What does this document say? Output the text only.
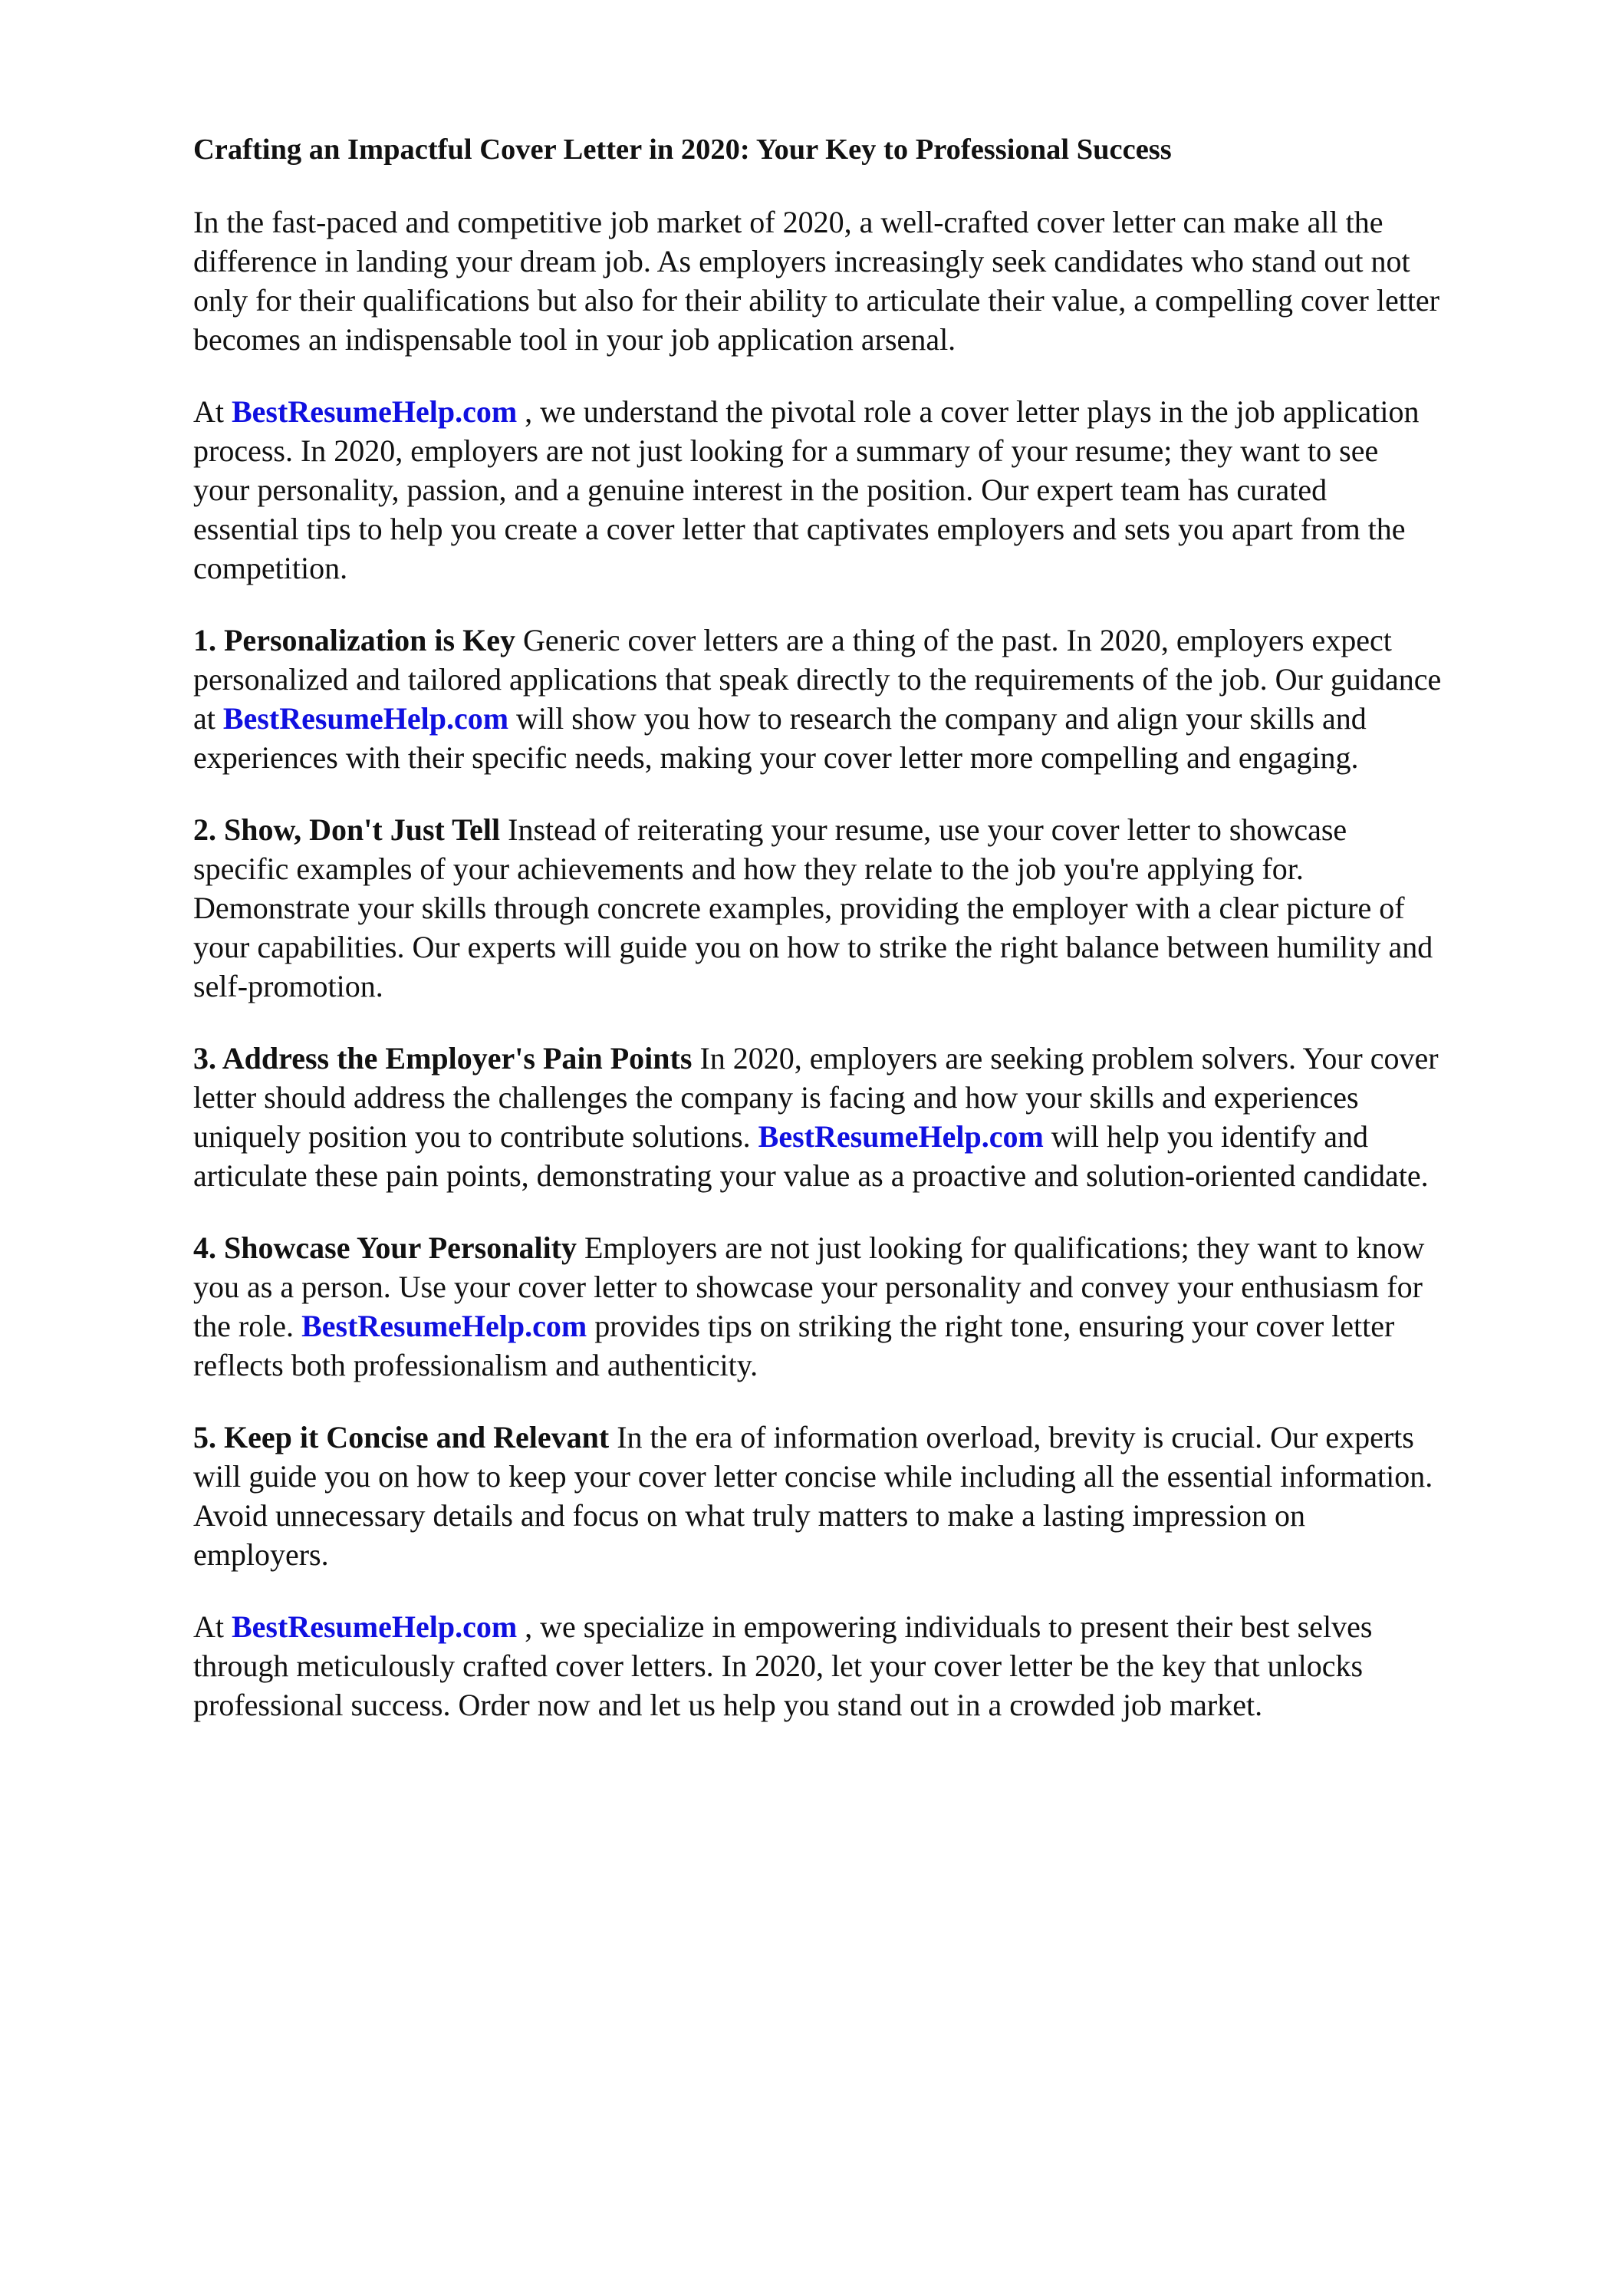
Crafting an Impactful Cover Letter in 2020: Your Key to Professional Success
In the fast-paced and competitive job market of 2020, a well-crafted cover letter can make all the
difference in landing your dream job. As employers increasingly seek candidates who stand out not
only for their qualifications but also for their ability to articulate their value, a compelling cover letter
becomes an indispensable tool in your job application arsenal.
At BestResumeHelp.com , we understand the pivotal role a cover letter plays in the job application
process. In 2020, employers are not just looking for a summary of your resume; they want to see
your personality, passion, and a genuine interest in the position. Our expert team has curated
essential tips to help you create a cover letter that captivates employers and sets you apart from the
competition.
1. Personalization is Key Generic cover letters are a thing of the past. In 2020, employers expect
personalized and tailored applications that speak directly to the requirements of the job. Our guidance
at BestResumeHelp.com will show you how to research the company and align your skills and
experiences with their specific needs, making your cover letter more compelling and engaging.
2. Show, Don't Just Tell Instead of reiterating your resume, use your cover letter to showcase
specific examples of your achievements and how they relate to the job you're applying for.
Demonstrate your skills through concrete examples, providing the employer with a clear picture of
your capabilities. Our experts will guide you on how to strike the right balance between humility and
self-promotion.
3. Address the Employer's Pain Points In 2020, employers are seeking problem solvers. Your cover
letter should address the challenges the company is facing and how your skills and experiences
uniquely position you to contribute solutions. BestResumeHelp.com will help you identify and
articulate these pain points, demonstrating your value as a proactive and solution-oriented candidate.
4. Showcase Your Personality Employers are not just looking for qualifications; they want to know
you as a person. Use your cover letter to showcase your personality and convey your enthusiasm for
the role. BestResumeHelp.com provides tips on striking the right tone, ensuring your cover letter
reflects both professionalism and authenticity.
5. Keep it Concise and Relevant In the era of information overload, brevity is crucial. Our experts
will guide you on how to keep your cover letter concise while including all the essential information.
Avoid unnecessary details and focus on what truly matters to make a lasting impression on
employers.
At BestResumeHelp.com , we specialize in empowering individuals to present their best selves
through meticulously crafted cover letters. In 2020, let your cover letter be the key that unlocks
professional success. Order now and let us help you stand out in a crowded job market.
